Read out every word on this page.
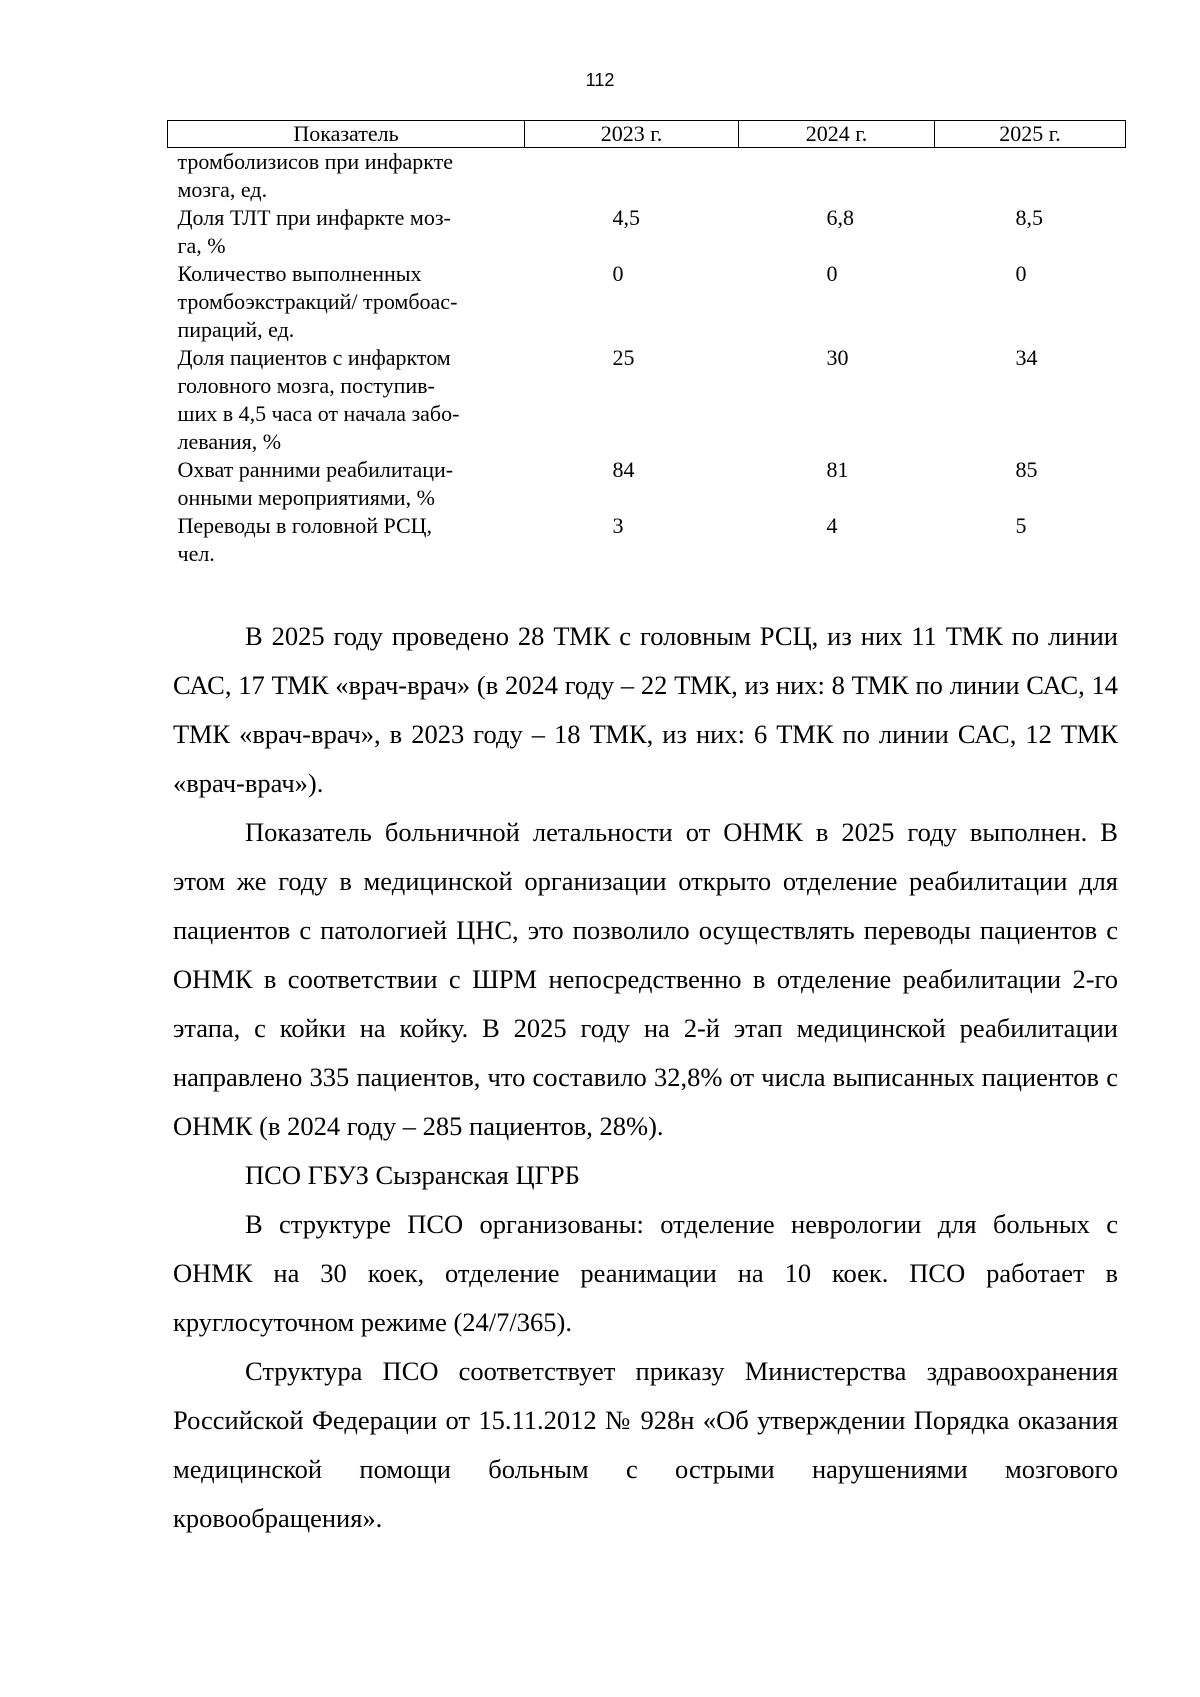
112
Показатель	2023 г.	2024 г.	2025 г.
тромболизисов при инфаркте
мозга, ед.			
Доля ТЛТ при инфаркте моз-
га, %	4,5	6,8	8,5
Количество выполненных
тромбоэкстракций/ тромбоас-
пираций, ед.	0	0	0
Доля пациентов с инфарктом
головного мозга, поступив-
ших в 4,5 часа от начала забо-
левания, %	25	30	34
Охват ранними реабилитаци-
онными мероприятиями, %	84	81	85
Переводы в головной РСЦ,
чел.	3	4	5

В 2025 году проведено 28 ТМК с головным РСЦ, из них 11 ТМК по линии САС, 17 ТМК «врач-врач» (в 2024 году – 22 ТМК, из них: 8 ТМК по линии САС, 14 ТМК «врач-врач», в 2023 году – 18 ТМК, из них: 6 ТМК по линии САС, 12 ТМК «врач-врач»).

Показатель больничной летальности от ОНМК в 2025 году выполнен. В этом же году в медицинской организации открыто отделение реабилитации для пациентов с патологией ЦНС, это позволило осуществлять переводы пациентов с ОНМК в соответствии с ШРМ непосредственно в отделение реабилитации 2-го этапа, с койки на койку. В 2025 году на 2-й этап медицинской реабилитации направлено 335 пациентов, что составило 32,8% от числа выписанных пациентов с ОНМК (в 2024 году – 285 пациентов, 28%).

ПСО ГБУЗ Сызранская ЦГРБ

В структуре ПСО организованы: отделение неврологии для больных с ОНМК на 30 коек, отделение реанимации на 10 коек. ПСО работает в круглосуточном режиме (24/7/365).

Структура ПСО соответствует приказу Министерства здравоохранения Российской Федерации от 15.11.2012 № 928н «Об утверждении Порядка оказания медицинской помощи больным с острыми нарушениями мозгового кровообращения».
